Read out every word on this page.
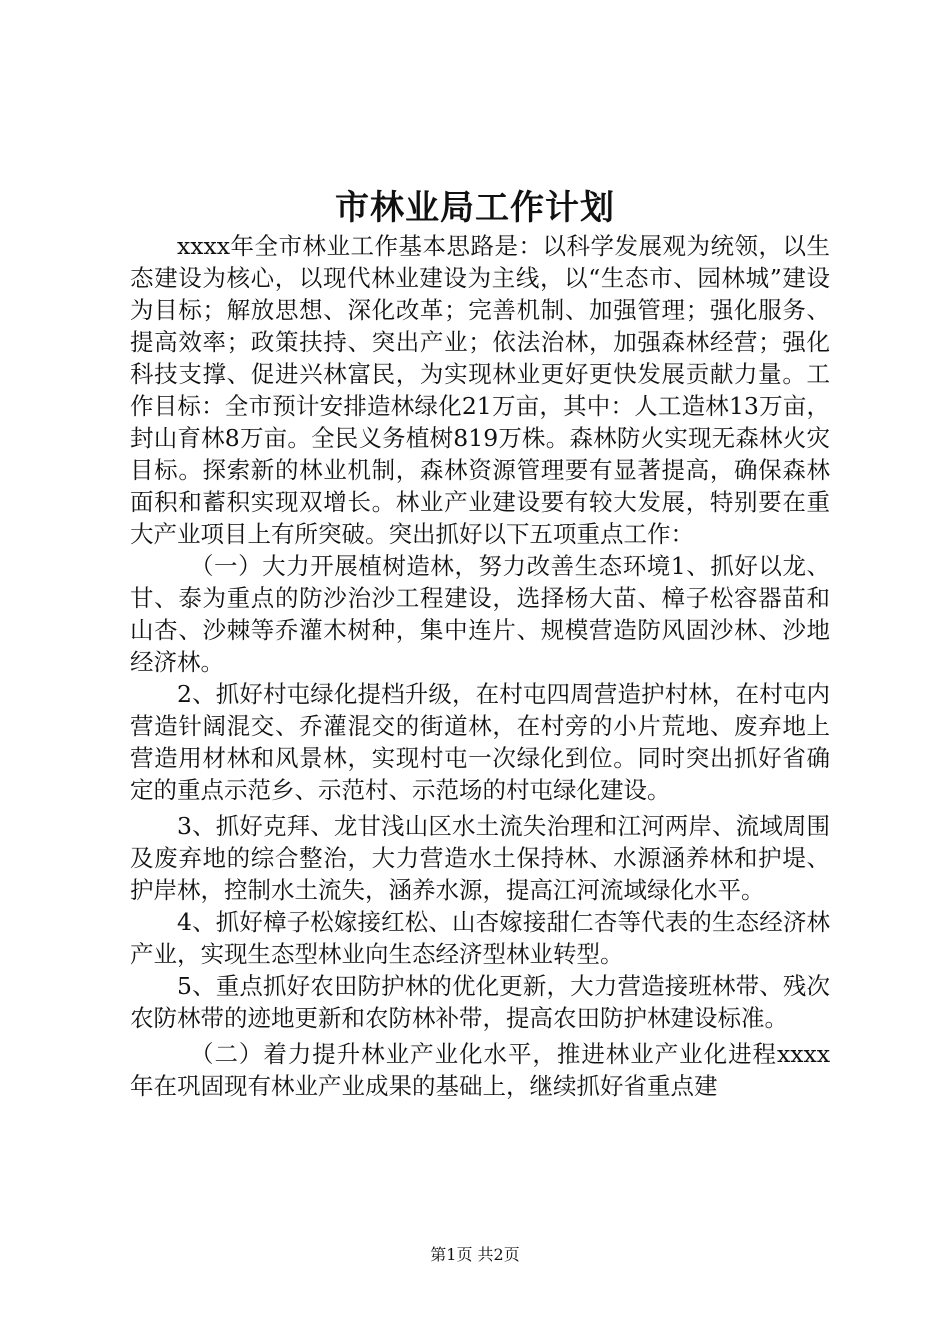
市林业局工作计划

xxxx年全市林业工作基本思路是：以科学发展观为统领，以生态建设为核心，以现代林业建设为主线，以“生态市、园林城”建设为目标；解放思想、深化改革；完善机制、加强管理；强化服务、提高效率；政策扶持、突出产业；依法治林，加强森林经营；强化科技支撑、促进兴林富民，为实现林业更好更快发展贡献力量。工作目标：全市预计安排造林绿化21万亩，其中：人工造林13万亩，封山育林8万亩。全民义务植树819万株。森林防火实现无森林火灾目标。探索新的林业机制，森林资源管理要有显著提高，确保森林面积和蓄积实现双增长。林业产业建设要有较大发展，特别要在重大产业项目上有所突破。突出抓好以下五项重点工作：

（一）大力开展植树造林，努力改善生态环境1、抓好以龙、甘、泰为重点的防沙治沙工程建设，选择杨大苗、樟子松容器苗和山杏、沙棘等乔灌木树种，集中连片、规模营造防风固沙林、沙地经济林。

2、抓好村屯绿化提档升级，在村屯四周营造护村林，在村屯内营造针阔混交、乔灌混交的街道林，在村旁的小片荒地、废弃地上营造用材林和风景林，实现村屯一次绿化到位。同时突出抓好省确定的重点示范乡、示范村、示范场的村屯绿化建设。

3、抓好克拜、龙甘浅山区水土流失治理和江河两岸、流域周围及废弃地的综合整治，大力营造水土保持林、水源涵养林和护堤、护岸林，控制水土流失，涵养水源，提高江河流域绿化水平。

4、抓好樟子松嫁接红松、山杏嫁接甜仁杏等代表的生态经济林产业，实现生态型林业向生态经济型林业转型。

5、重点抓好农田防护林的优化更新，大力营造接班林带、残次农防林带的迹地更新和农防林补带，提高农田防护林建设标准。

（二）着力提升林业产业化水平，推进林业产业化进程xxxx年在巩固现有林业产业成果的基础上，继续抓好省重点建

第1页 共2页
